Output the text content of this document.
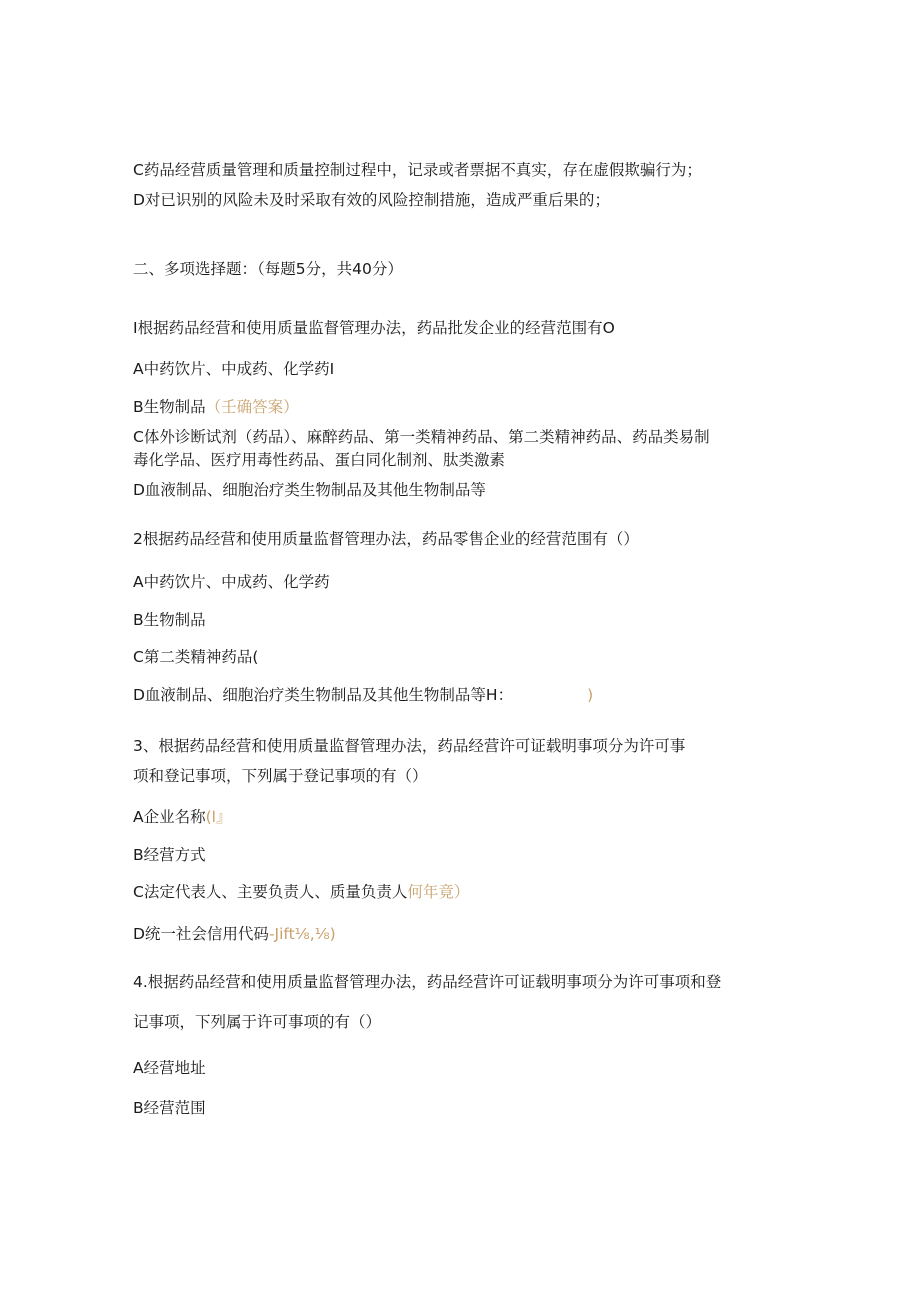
C药品经营质量管理和质量控制过程中，记录或者票据不真实，存在虚假欺骗行为；
D对已识别的风险未及时采取有效的风险控制措施，造成严重后果的；
二、多项选择题：（每题5分，共40分）
I根据药品经营和使用质量监督管理办法，药品批发企业的经营范围有O
A中药饮片、中成药、化学药I
B生物制品（壬确答案）
C体外诊断试剂（药品）、麻醉药品、第一类精神药品、第二类精神药品、药品类易制
毒化学品、医疗用毒性药品、蛋白同化制剂、肽类激素
D血液制品、细胞治疗类生物制品及其他生物制品等
2根据药品经营和使用质量监督管理办法，药品零售企业的经营范围有（）
A中药饮片、中成药、化学药
B生物制品
C第二类精神药品(
D血液制品、细胞治疗类生物制品及其他生物制品等H：	)
3、根据药品经营和使用质量监督管理办法，药品经营许可证载明事项分为许可事
项和登记事项，下列属于登记事项的有（）
A企业名称(l』
B经营方式
C法定代表人、主要负责人、质量负责人何年竟）
D统一社会信用代码-Jift⅛,⅛)
4.根据药品经营和使用质量监督管理办法，药品经营许可证载明事项分为许可事项和登
记事项，下列属于许可事项的有（）
A经营地址
B经营范围
